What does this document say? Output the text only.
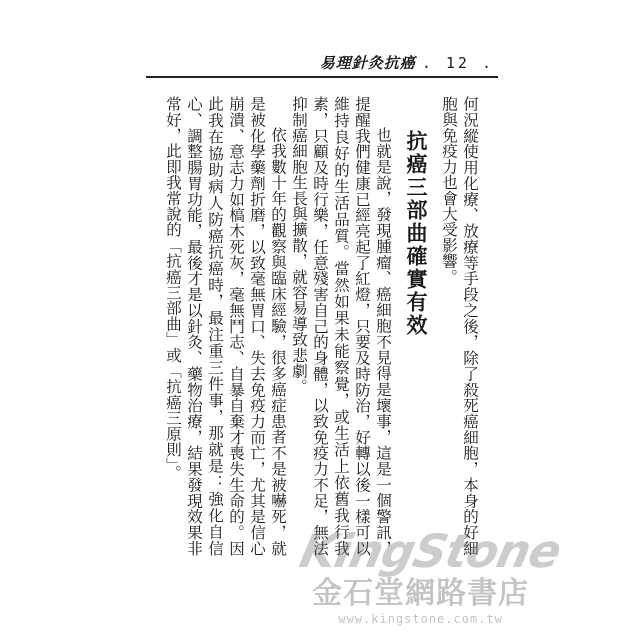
易理針灸抗癌 . 12 .

何況縱使用化療、放療等手段之後，除了殺死癌細胞，本身的好細胞與免疫力也會大受影響。

抗癌三部曲確實有效

也就是說，發現腫瘤、癌細胞不見得是壞事，這是一個警訊，提醒我們健康已經亮起了紅燈，只要及時防治，好轉以後一樣可以維持良好的生活品質。當然如果未能察覺，或生活上依舊我行我素，只顧及時行樂，任意殘害自己的身體，以致免疫力不足，無法抑制癌細胞生長與擴散，就容易導致悲劇。

依我數十年的觀察與臨床經驗，很多癌症患者不是被嚇死，就是被化學藥劑折磨，以致毫無胃口、失去免疫力而亡，尤其是信心崩潰、意志力如槁木死灰，毫無鬥志、自暴自棄才喪失生命的。因此我在協助病人防癌抗癌時，最注重三件事，那就是：強化自信心、調整腸胃功能，最後才是以針灸、藥物治療，結果發現效果非常好，此即我常說的「抗癌三部曲」或「抗癌三原則」。

KingStone
金石堂網路書店
www.kingstone.com.tw
